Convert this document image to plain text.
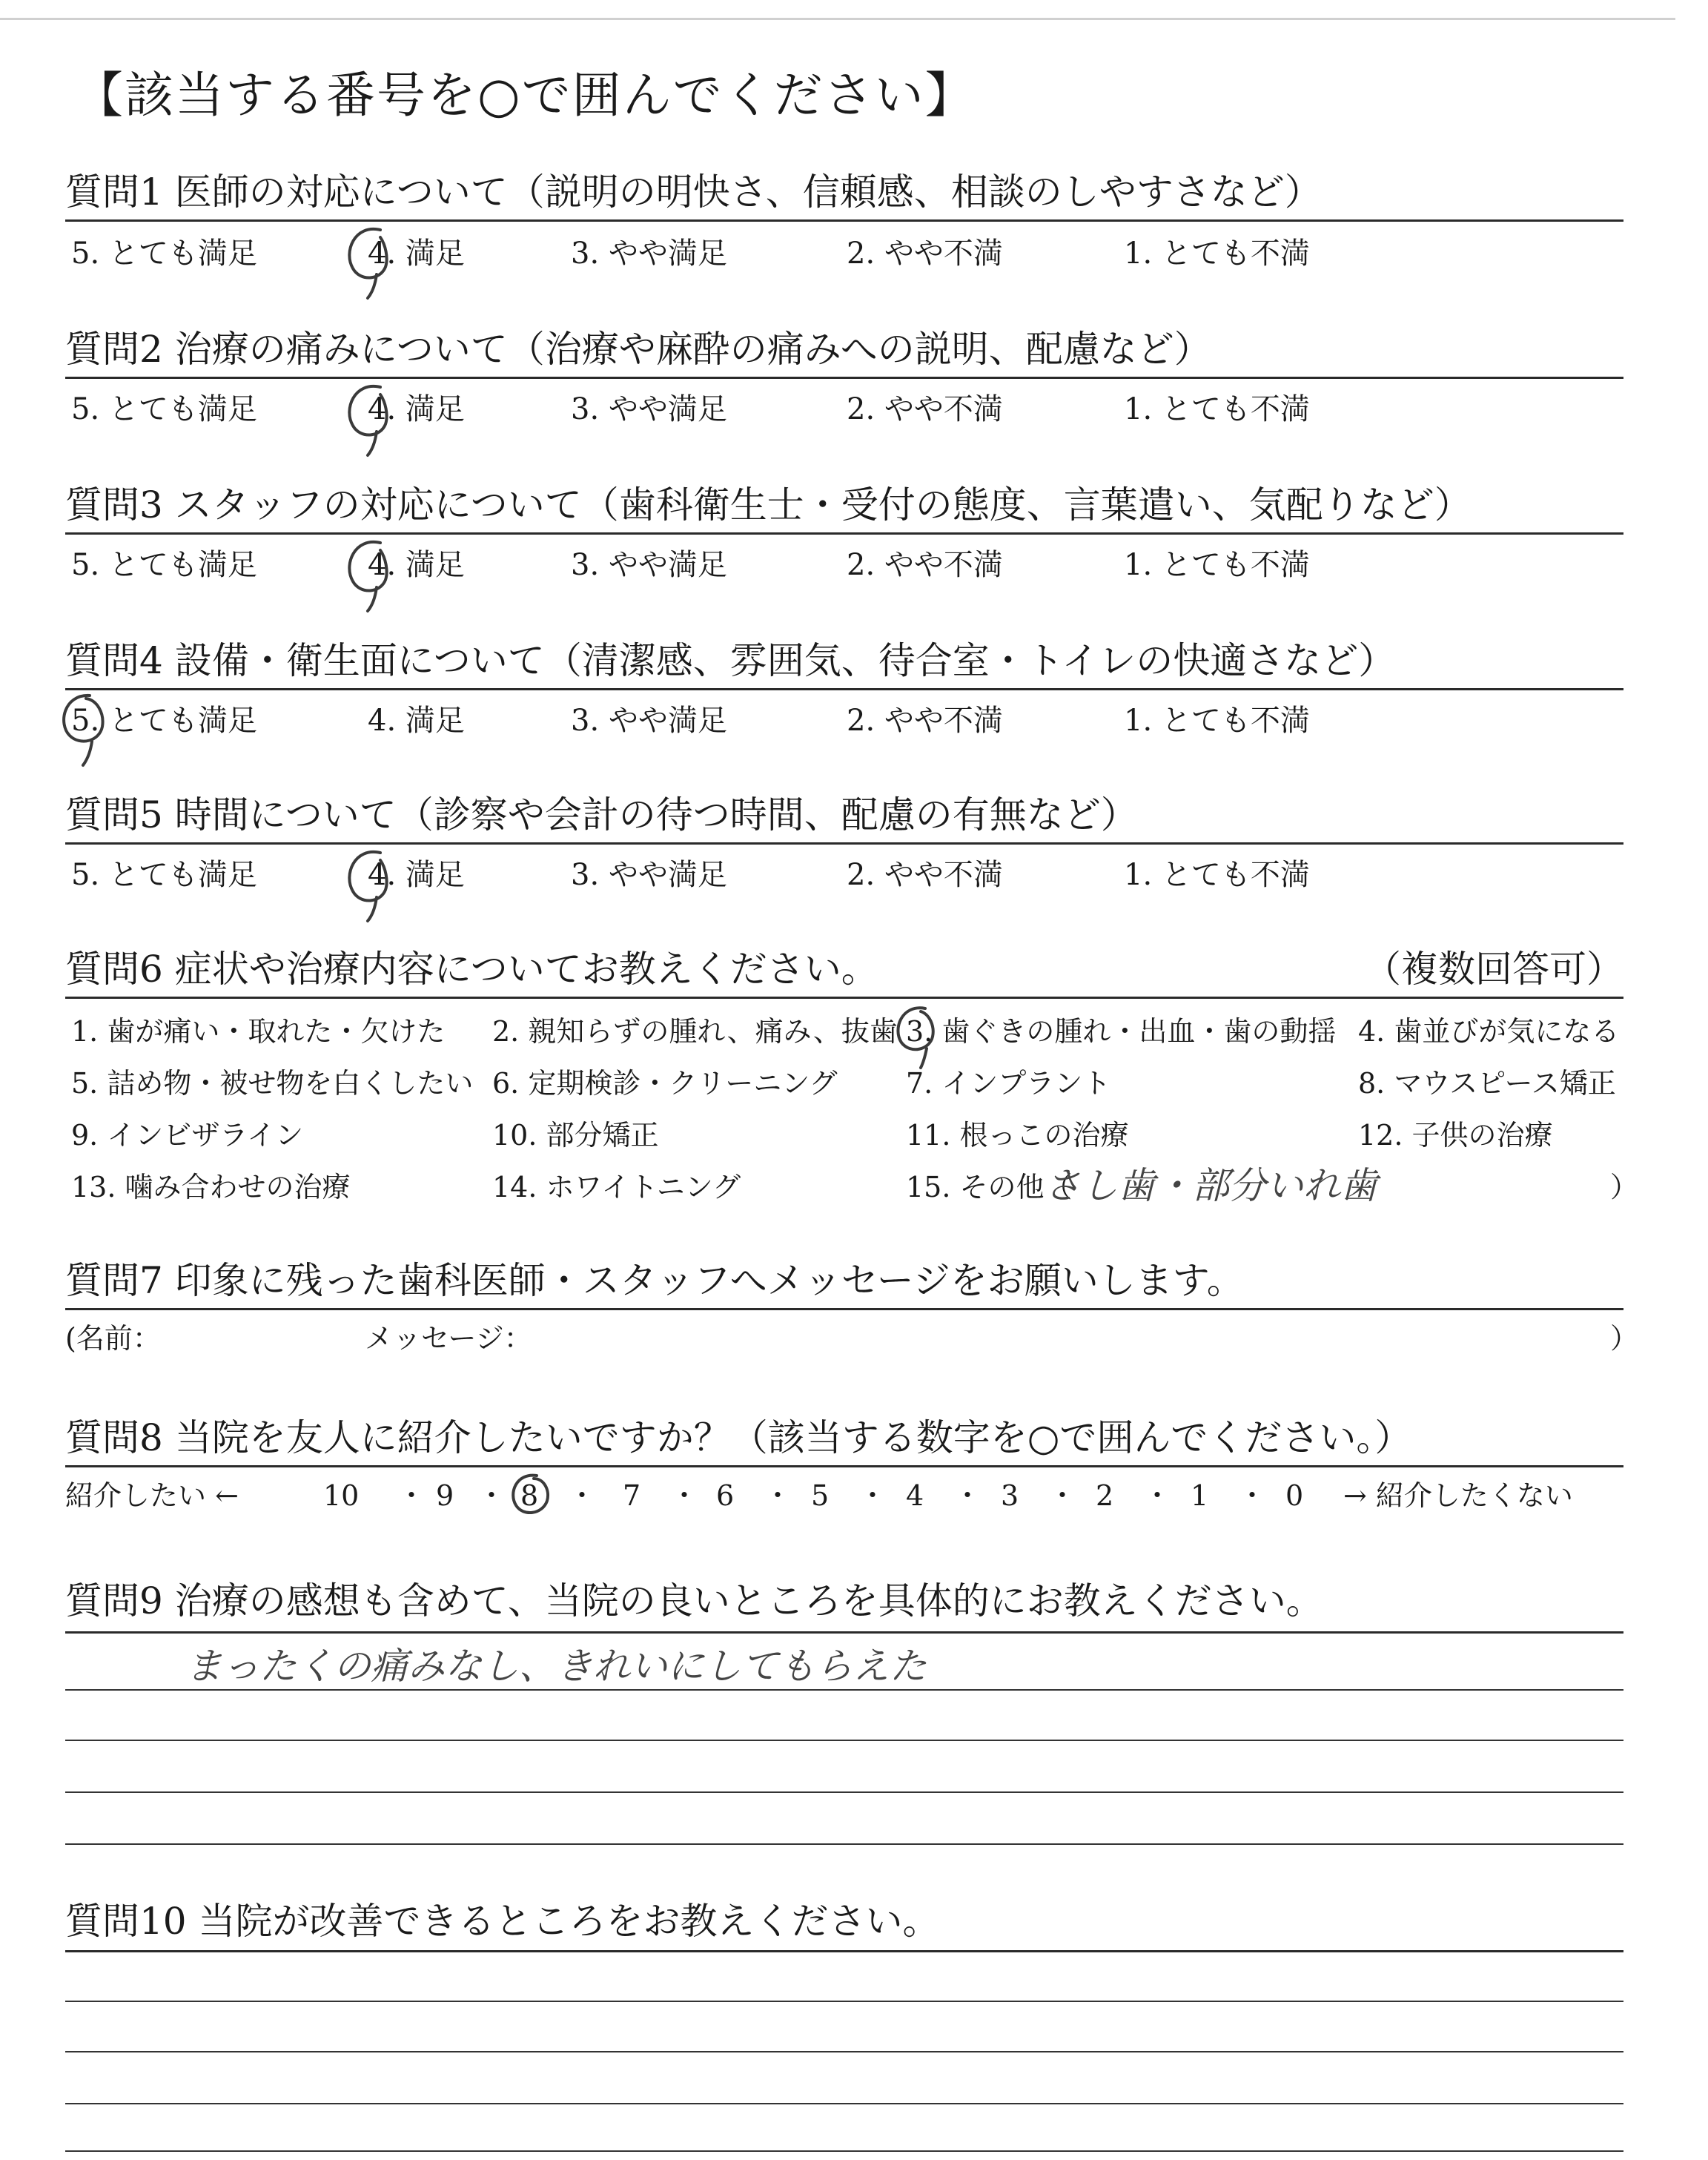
【該当する番号を○で囲んでください】
質問1 医師の対応について（説明の明快さ、信頼感、相談のしやすさなど）
5. とても満足	4. 満足	3. やや満足	2. やや不満	1. とても不満
質問2 治療の痛みについて（治療や麻酔の痛みへの説明、配慮など）
5. とても満足	4. 満足	3. やや満足	2. やや不満	1. とても不満
質問3 スタッフの対応について（歯科衛生士・受付の態度、言葉遣い、気配りなど）
5. とても満足	4. 満足	3. やや満足	2. やや不満	1. とても不満
質問4 設備・衛生面について（清潔感、雰囲気、待合室・トイレの快適さなど）
5. とても満足	4. 満足	3. やや満足	2. やや不満	1. とても不満
質問5 時間について（診察や会計の待つ時間、配慮の有無など）
5. とても満足	4. 満足	3. やや満足	2. やや不満	1. とても不満
質問6 症状や治療内容についてお教えください。	（複数回答可）
1. 歯が痛い・取れた・欠けた 2. 親知らずの腫れ、痛み、抜歯 3. 歯ぐきの腫れ・出血・歯の動揺 4. 歯並びが気になる
5. 詰め物・被せ物を白くしたい 6. 定期検診・クリーニング 7. インプラント	8. マウスピース矯正
9. インビザライン	10. 部分矯正	11. 根っこの治療	12. 子供の治療
13. 噛み合わせの治療	14. ホワイトニング	15. その他（
さし歯・部分いれ歯	）
質問7 印象に残った歯科医師・スタッフへメッセージをお願いします。
(名前：	メッセージ：	）
質問8 当院を友人に紹介したいですか？（該当する数字を○で囲んでください。）
紹介したい ←	10 ・ 9 ・ 8 ・ 7 ・ 6 ・ 5 ・ 4 ・ 3 ・ 2 ・ 1 ・ 0 → 紹介したくない
質問9 治療の感想も含めて、当院の良いところを具体的にお教えください。
まったくの痛みなし、きれいにしてもらえた
質問10 当院が改善できるところをお教えください。
